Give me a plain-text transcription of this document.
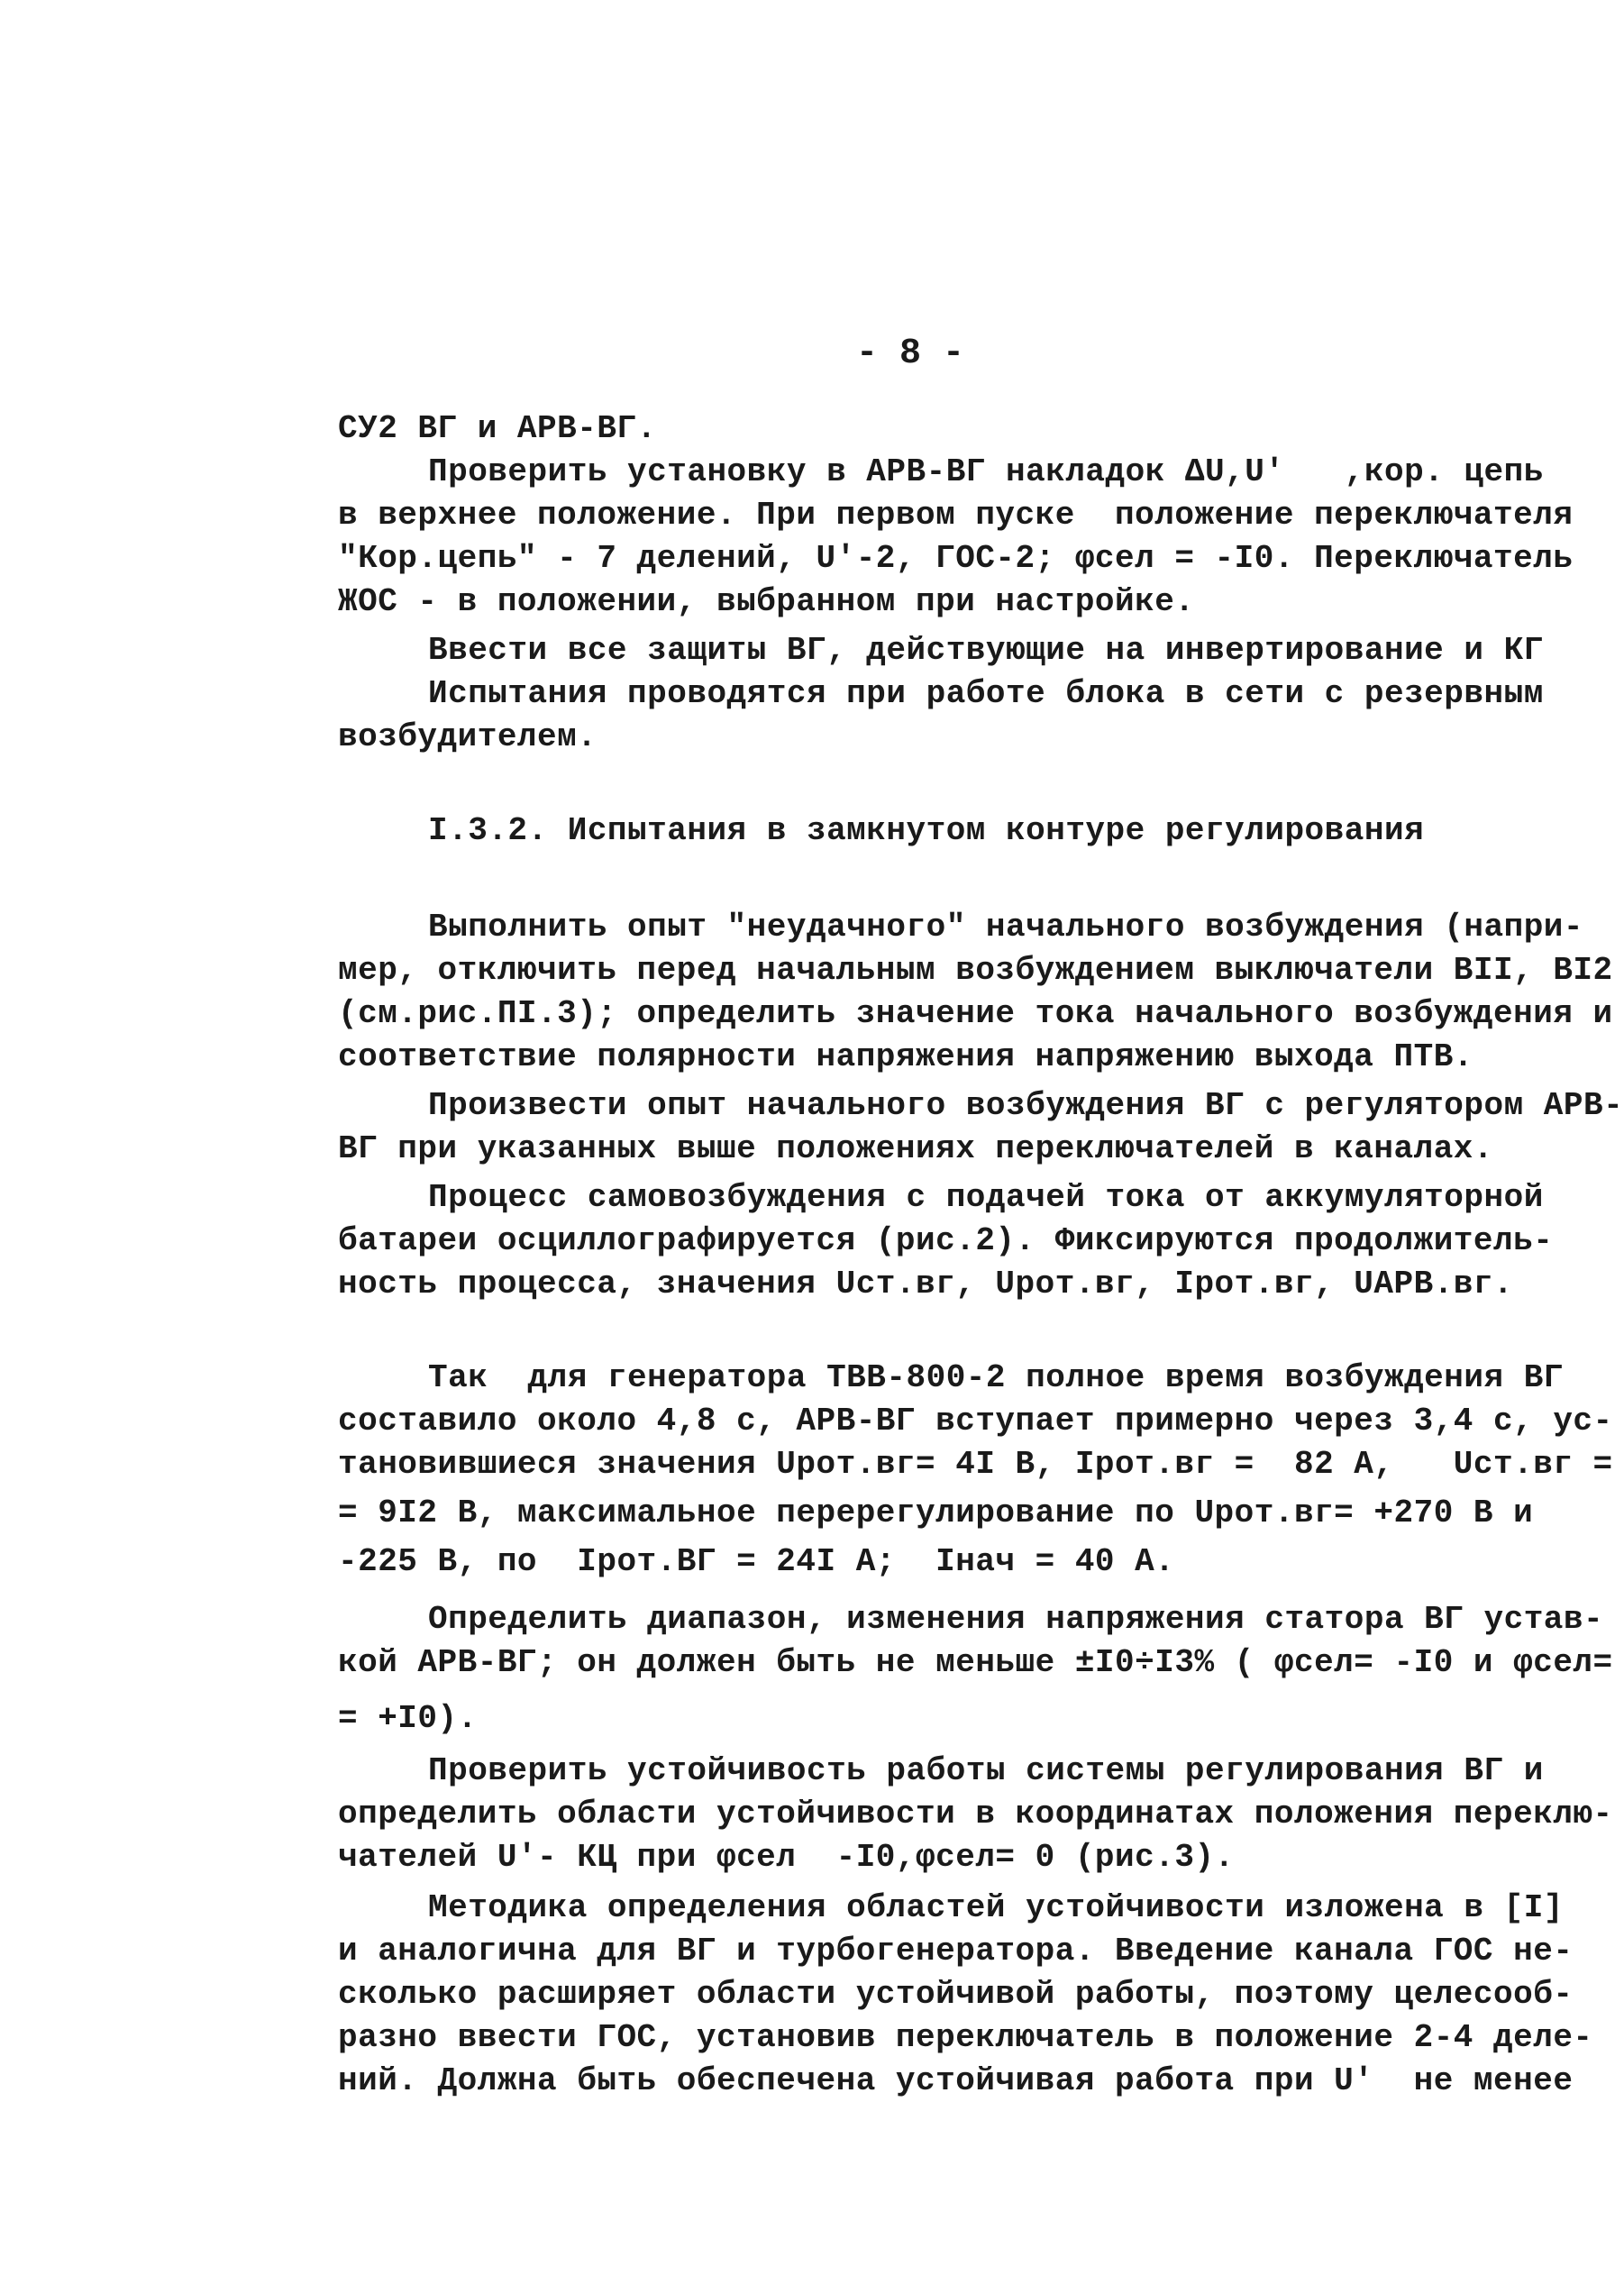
- 8 -
СУ2 ВГ и АРВ-ВГ.
Проверить установку в АРВ-ВГ накладок ΔU,U'   ,кор. цепь
в верхнее положение. При первом пуске  положение переключателя
"Кор.цепь" - 7 делений, U'-2, ГОС-2; φсел = -I0. Переключатель
ЖОС - в положении, выбранном при настройке.
Ввести все защиты ВГ, действующие на инвертирование и КГ
Испытания проводятся при работе блока в сети с резервным
возбудителем.
I.3.2. Испытания в замкнутом контуре регулирования
Выполнить опыт "неудачного" начального возбуждения (напри-
мер, отключить перед начальным возбуждением выключатели BII, BI2
(см.рис.ПI.3); определить значение тока начального возбуждения и
соответствие полярности напряжения напряжению выхода ПТВ.
Произвести опыт начального возбуждения ВГ с регулятором АРВ-
ВГ при указанных выше положениях переключателей в каналах.
Процесс самовозбуждения с подачей тока от аккумуляторной
батареи осциллографируется (рис.2). Фиксируются продолжитель-
ность процесса, значения Uст.вг, Uрот.вг, Iрот.вг, UАРВ.вг.
Так  для генератора ТВВ-800-2 полное время возбуждения ВГ
составило около 4,8 с, АРВ-ВГ вступает примерно через 3,4 с, ус-
тановившиеся значения Uрот.вг= 4I В, Iрот.вг =  82 А,   Uст.вг =
= 9I2 В, максимальное перерегулирование по Uрот.вг= +270 В и
-225 В, по  Iрот.ВГ = 24I А;  Iнач = 40 А.
Определить диапазон, изменения напряжения статора ВГ устав-
кой АРВ-ВГ; он должен быть не меньше ±I0÷I3% ( φсел= -I0 и φсел=
= +I0).
Проверить устойчивость работы системы регулирования ВГ и
определить области устойчивости в координатах положения переклю-
чателей U'- КЦ при φсел  -I0,φсел= 0 (рис.3).
Методика определения областей устойчивости изложена в [I]
и аналогична для ВГ и турбогенератора. Введение канала ГОС не-
сколько расширяет области устойчивой работы, поэтому целесооб-
разно ввести ГОС, установив переключатель в положение 2-4 деле-
ний. Должна быть обеспечена устойчивая работа при U'  не менее
